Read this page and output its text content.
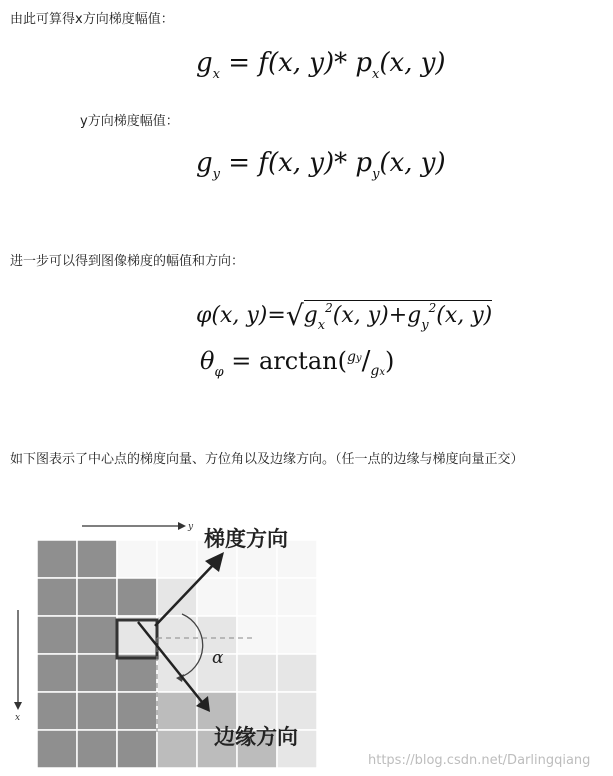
由此可算得x方向梯度幅值：
$g_x = f(x$, y)* $p_x(x$, y)
y方向梯度幅值：
$g_y = f(x$, y)* $p_y(x$, y)
进一步可以得到图像梯度的幅值和方向：
φ(x, $y)=√g_x^2(x$, $y)+g_y^2(x$, y)
$\theta_\varphi = \arctan(^{gy}/_{gx})$
如下图表示了中心点的梯度向量、方位角以及边缘方向。（任一点的边缘与梯度向量正交）
y
x
α
梯度方向
边缘方向
https://blog.csdn.net/Darlingqiang
